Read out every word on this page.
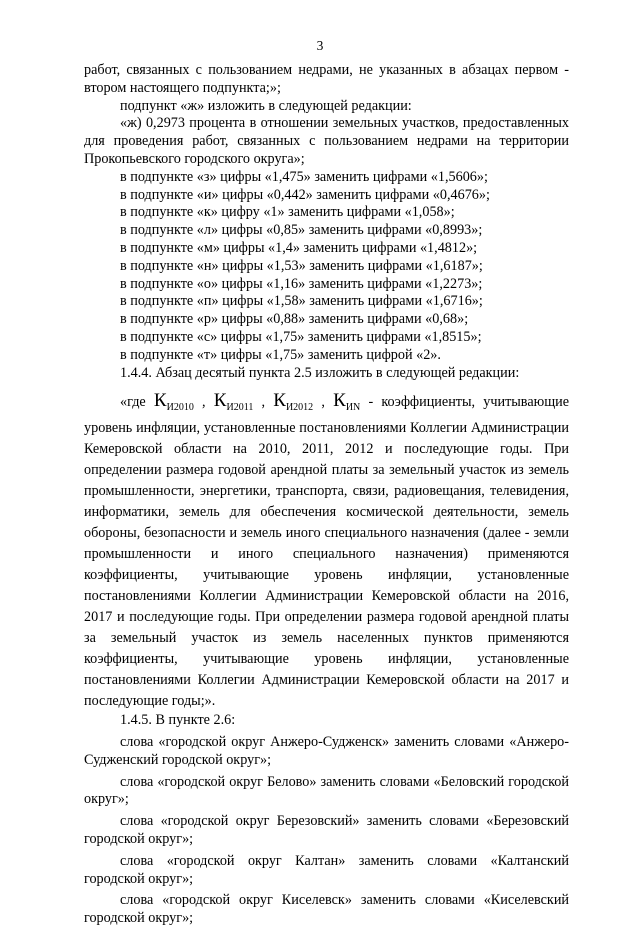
3

работ, связанных с пользованием недрами, не указанных в абзацах первом - втором настоящего подпункта;»;

подпункт «ж» изложить в следующей редакции:

«ж) 0,2973 процента в отношении земельных участков, предоставленных для проведения работ, связанных с пользованием недрами на территории Прокопьевского городского округа»;

в подпункте «з» цифры «1,475» заменить цифрами «1,5606»;

в подпункте «и» цифры «0,442» заменить цифрами «0,4676»;

в подпункте «к» цифру «1» заменить цифрами «1,058»;

в подпункте «л» цифры «0,85» заменить цифрами «0,8993»;

в подпункте «м» цифры «1,4» заменить цифрами «1,4812»;

в подпункте «н» цифры «1,53» заменить цифрами «1,6187»;

в подпункте «о» цифры «1,16» заменить цифрами «1,2273»;

в подпункте «п» цифры «1,58» заменить цифрами «1,6716»;

в подпункте «р» цифры «0,88» заменить цифрами «0,68»;

в подпункте «с» цифры «1,75» заменить цифрами «1,8515»;

в подпункте «т» цифры «1,75» заменить цифрой «2».

1.4.4. Абзац десятый пункта 2.5 изложить в следующей редакции:

«где $К_{И2010}$ , $К_{И2011}$ , $К_{И2012}$ , $К_{ИN}$ - коэффициенты, учитывающие уровень инфляции, установленные постановлениями Коллегии Администрации Кемеровской области на 2010, 2011, 2012 и последующие годы. При определении размера годовой арендной платы за земельный участок из земель промышленности, энергетики, транспорта, связи, радиовещания, телевидения, информатики, земель для обеспечения космической деятельности, земель обороны, безопасности и земель иного специального назначения (далее - земли промышленности и иного специального назначения) применяются коэффициенты, учитывающие уровень инфляции, установленные постановлениями Коллегии Администрации Кемеровской области на 2016, 2017 и последующие годы. При определении размера годовой арендной платы за земельный участок из земель населенных пунктов применяются коэффициенты, учитывающие уровень инфляции, установленные постановлениями Коллегии Администрации Кемеровской области на 2017 и последующие годы;».

1.4.5. В пункте 2.6:

слова «городской округ Анжеро-Судженск» заменить словами «Анжеро-Судженский городской округ»;

слова «городской округ Белово» заменить словами «Беловский городской округ»;

слова «городской округ Березовский» заменить словами «Березовский городской округ»;

слова «городской округ Калтан» заменить словами «Калтанский городской округ»;

слова «городской округ Киселевск» заменить словами «Киселевский городской округ»;
